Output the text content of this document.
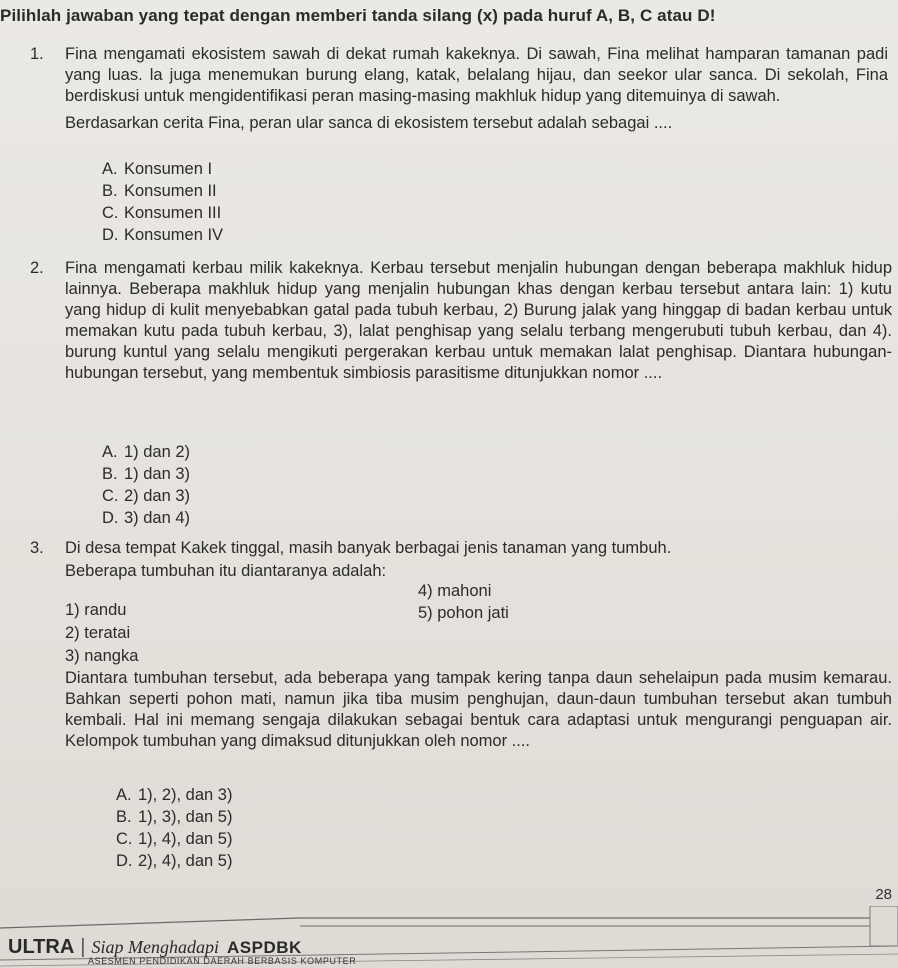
Pilihlah jawaban yang tepat dengan memberi tanda silang (x) pada huruf A, B, C atau D!
1. Fina mengamati ekosistem sawah di dekat rumah kakeknya. Di sawah, Fina melihat hamparan tamanan padi yang luas. la juga menemukan burung elang, katak, belalang hijau, dan seekor ular sanca. Di sekolah, Fina berdiskusi untuk mengidentifikasi peran masing-masing makhluk hidup yang ditemuinya di sawah.

Berdasarkan cerita Fina, peran ular sanca di ekosistem tersebut adalah sebagai ....

A. Konsumen I
B. Konsumen II
C. Konsumen III
D. Konsumen IV
2. Fina mengamati kerbau milik kakeknya. Kerbau tersebut menjalin hubungan dengan beberapa makhluk hidup lainnya. Beberapa makhluk hidup yang menjalin hubungan khas dengan kerbau tersebut antara lain: 1) kutu yang hidup di kulit menyebabkan gatal pada tubuh kerbau, 2) Burung jalak yang hinggap di badan kerbau untuk memakan kutu pada tubuh kerbau, 3), lalat penghisap yang selalu terbang mengerubuti tubuh kerbau, dan 4). burung kuntul yang selalu mengikuti pergerakan kerbau untuk memakan lalat penghisap. Diantara hubungan-hubungan tersebut, yang membentuk simbiosis parasitisme ditunjukkan nomor ....

A. 1) dan 2)
B. 1) dan 3)
C. 2) dan 3)
D. 3) dan 4)
3. Di desa tempat Kakek tinggal, masih banyak berbagai jenis tanaman yang tumbuh.

Beberapa tumbuhan itu diantaranya adalah:

1) randu
2) teratai
3) nangka
4) mahoni
5) pohon jati

Diantara tumbuhan tersebut, ada beberapa yang tampak kering tanpa daun sehelaipun pada musim kemarau. Bahkan seperti pohon mati, namun jika tiba musim penghujan, daun-daun tumbuhan tersebut akan tumbuh kembali. Hal ini memang sengaja dilakukan sebagai bentuk cara adaptasi untuk mengurangi penguapan air. Kelompok tumbuhan yang dimaksud ditunjukkan oleh nomor ....

A. 1), 2), dan 3)
B. 1), 3), dan 5)
C. 1), 4), dan 5)
D. 2), 4), dan 5)
28
ULTRA | Siap Menghadapi ASPDBK
ASESMEN PENDIDIKAN DAERAH BERBASIS KOMPUTER
